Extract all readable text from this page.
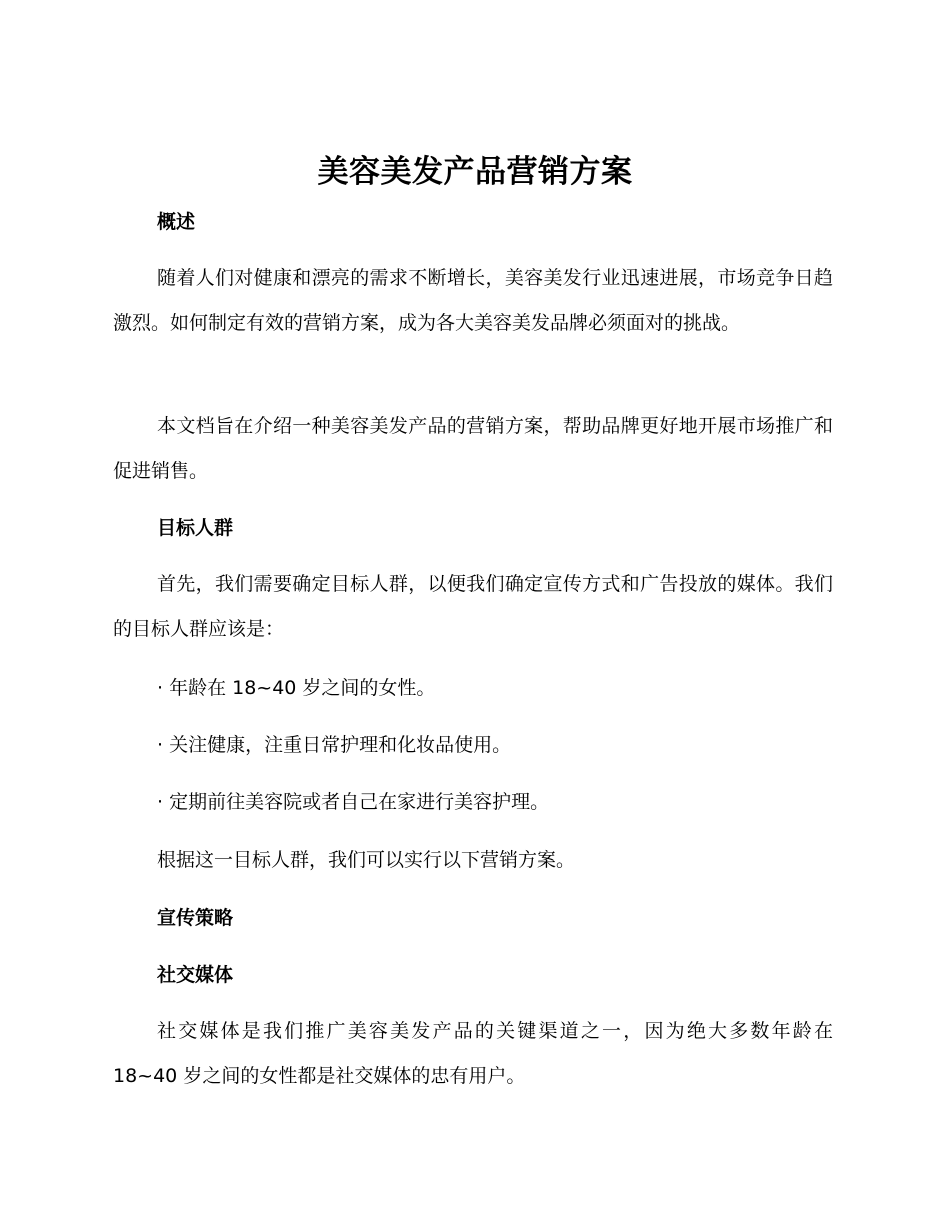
美容美发产品营销方案
概述

随着人们对健康和漂亮的需求不断增长，美容美发行业迅速进展，市场竞争日趋激烈。如何制定有效的营销方案，成为各大美容美发品牌必须面对的挑战。

本文档旨在介绍一种美容美发产品的营销方案，帮助品牌更好地开展市场推广和促进销售。

目标人群

首先，我们需要确定目标人群，以便我们确定宣传方式和广告投放的媒体。我们的目标人群应该是：

· 年龄在 18~40 岁之间的女性。
· 关注健康，注重日常护理和化妆品使用。
· 定期前往美容院或者自己在家进行美容护理。
根据这一目标人群，我们可以实行以下营销方案。
宣传策略
社交媒体

社交媒体是我们推广美容美发产品的关键渠道之一，因为绝大多数年龄在 18~40 岁之间的女性都是社交媒体的忠有用户。
